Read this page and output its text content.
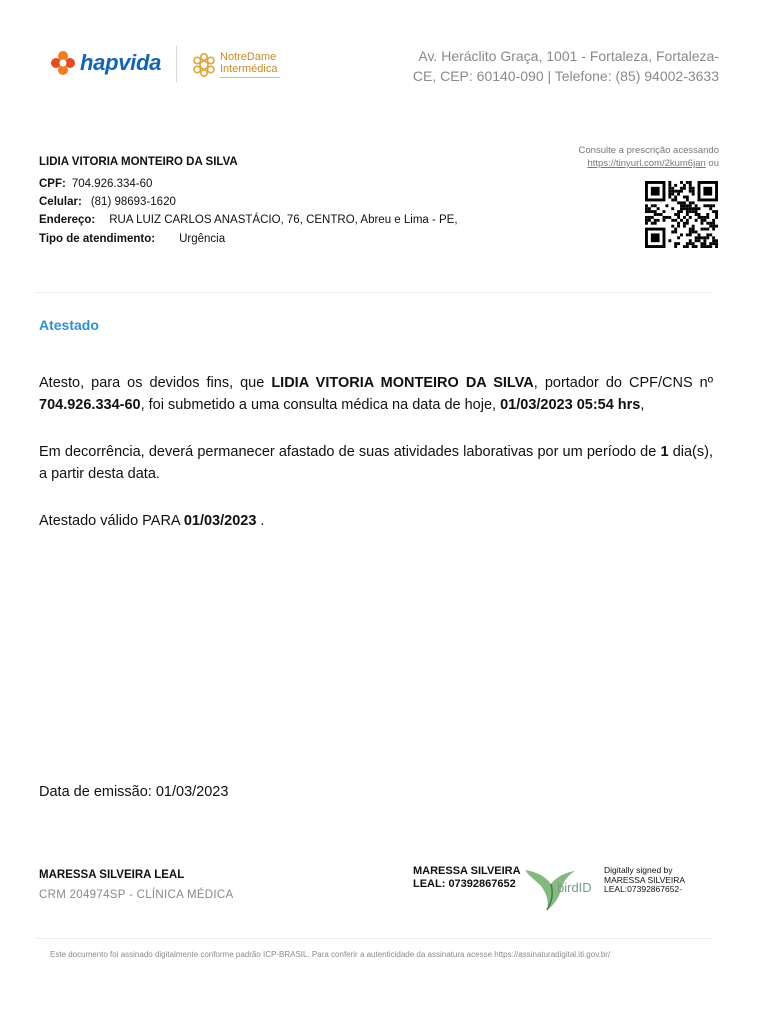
hapvida	NotreDame
Intermédica
Av. Heráclito Graça, 1001 - Fortaleza, Fortaleza-
CE, CEP: 60140-090 | Telefone: (85) 94002-3633
LIDIA VITORIA MONTEIRO DA SILVA
CPF: 704.926.334-60
Celular: (81) 98693-1620
Endereço: RUA LUIZ CARLOS ANASTÁCIO, 76, CENTRO, Abreu e Lima - PE,
Tipo de atendimento: Urgência
Consulte a prescrição acessando
https://tinyurl.com/2kum6jan ou
Atestado
Atesto, para os devidos fins, que LIDIA VITORIA MONTEIRO DA SILVA, portador do CPF/CNS nº 704.926.334-60, foi submetido a uma consulta médica na data de hoje, 01/03/2023 05:54 hrs,
Em decorrência, deverá permanecer afastado de suas atividades laborativas por um período de 1 dia(s), a partir desta data.
Atestado válido PARA 01/03/2023 .
Data de emissão: 01/03/2023
MARESSA SILVEIRA LEAL
CRM 204974SP - CLÍNICA MÉDICA
MARESSA SILVEIRA
LEAL: 07392867652	birdID
Digitally signed by
MARESSA SILVEIRA
LEAL:07392867652-
Este documento foi assinado digitalmente conforme padrão ICP-BRASIL. Para conferir a autenticidade da assinatura acesse https://assinaturadigital.iti.gov.br/
